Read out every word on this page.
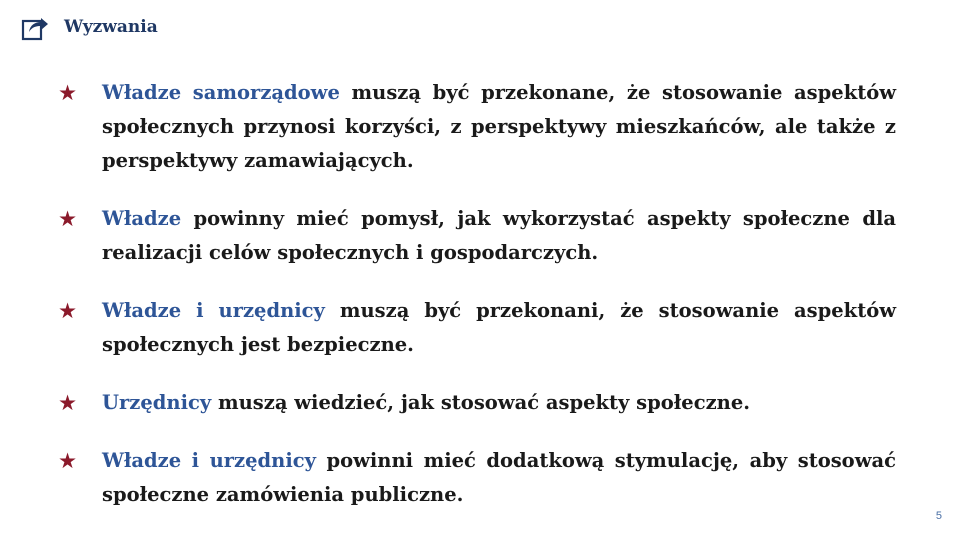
Wyzwania
✭ Władze samorządowe muszą być przekonane, że stosowanie aspektów społecznych przynosi korzyści, z perspektywy mieszkańców, ale także z perspektywy zamawiających.
✭ Władze powinny mieć pomysł, jak wykorzystać aspekty społeczne dla realizacji celów społecznych i gospodarczych.
✭ Władze i urzędnicy muszą być przekonani, że stosowanie aspektów społecznych jest bezpieczne.
✭ Urzędnicy muszą wiedzieć, jak stosować aspekty społeczne.
✭ Władze i urzędnicy powinni mieć dodatkową stymulację, aby stosować społeczne zamówienia publiczne.
5
